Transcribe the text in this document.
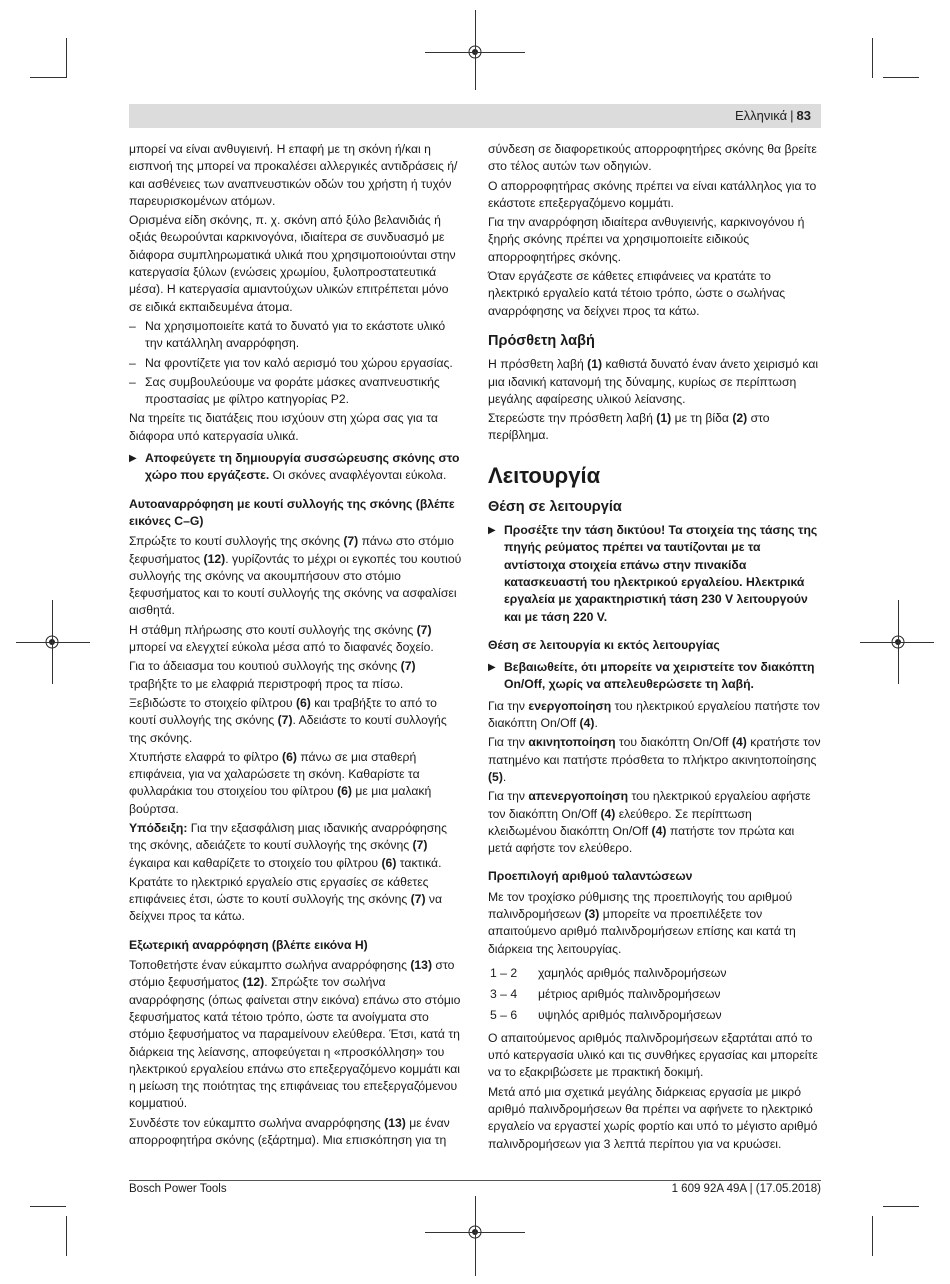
Ελληνικά | 83

μπορεί να είναι ανθυγιεινή. Η επαφή με τη σκόνη ή/και η εισπνοή της μπορεί να προκαλέσει αλλεργικές αντιδράσεις ή/ και ασθένειες των αναπνευστικών οδών του χρήστη ή τυχόν παρευρισκομένων ατόμων.

Ορισμένα είδη σκόνης, π. χ. σκόνη από ξύλο βελανιδιάς ή οξιάς θεωρούνται καρκινογόνα, ιδιαίτερα σε συνδυασμό με διάφορα συμπληρωματικά υλικά που χρησιμοποιούνται στην κατεργασία ξύλων (ενώσεις χρωμίου, ξυλοπροστατευτικά μέσα). Η κατεργασία αμιαντούχων υλικών επιτρέπεται μόνο σε ειδικά εκπαιδευμένα άτομα.

– Να χρησιμοποιείτε κατά το δυνατό για το εκάστοτε υλικό την κατάλληλη αναρρόφηση.
– Να φροντίζετε για τον καλό αερισμό του χώρου εργασίας.
– Σας συμβουλεύουμε να φοράτε μάσκες αναπνευστικής προστασίας με φίλτρο κατηγορίας P2.

Να τηρείτε τις διατάξεις που ισχύουν στη χώρα σας για τα διάφορα υπό κατεργασία υλικά.

▶ Αποφεύγετε τη δημιουργία συσσώρευσης σκόνης στο χώρο που εργάζεστε. Οι σκόνες αναφλέγονται εύκολα.
Αυτοαναρρόφηση με κουτί συλλογής της σκόνης (βλέπε εικόνες C–G)

Σπρώξτε το κουτί συλλογής της σκόνης (7) πάνω στο στόμιο ξεφυσήματος (12). γυρίζοντάς το μέχρι οι εγκοπές του κουτιού συλλογής της σκόνης να ακουμπήσουν στο στόμιο ξεφυσήματος και το κουτί συλλογής της σκόνης να ασφαλίσει αισθητά.

Η στάθμη πλήρωσης στο κουτί συλλογής της σκόνης (7) μπορεί να ελεγχτεί εύκολα μέσα από το διαφανές δοχείο.

Για το άδειασμα του κουτιού συλλογής της σκόνης (7) τραβήξτε το με ελαφριά περιστροφή προς τα πίσω.

Ξεβιδώστε το στοιχείο φίλτρου (6) και τραβήξτε το από το κουτί συλλογής της σκόνης (7). Αδειάστε το κουτί συλλογής της σκόνης.

Χτυπήστε ελαφρά το φίλτρο (6) πάνω σε μια σταθερή επιφάνεια, για να χαλαρώσετε τη σκόνη. Καθαρίστε τα φυλλαράκια του στοιχείου του φίλτρου (6) με μια μαλακή βούρτσα.

Υπόδειξη: Για την εξασφάλιση μιας ιδανικής αναρρόφησης της σκόνης, αδειάζετε το κουτί συλλογής της σκόνης (7) έγκαιρα και καθαρίζετε το στοιχείο του φίλτρου (6) τακτικά.

Κρατάτε το ηλεκτρικό εργαλείο στις εργασίες σε κάθετες επιφάνειες έτσι, ώστε το κουτί συλλογής της σκόνης (7) να δείχνει προς τα κάτω.

Εξωτερική αναρρόφηση (βλέπε εικόνα H)

Τοποθετήστε έναν εύκαμπτο σωλήνα αναρρόφησης (13) στο στόμιο ξεφυσήματος (12). Σπρώξτε τον σωλήνα αναρρόφησης (όπως φαίνεται στην εικόνα) επάνω στο στόμιο ξεφυσήματος κατά τέτοιο τρόπο, ώστε τα ανοίγματα στο στόμιο ξεφυσήματος να παραμείνουν ελεύθερα. Έτσι, κατά τη διάρκεια της λείανσης, αποφεύγεται η «προσκόλληση» του ηλεκτρικού εργαλείου επάνω στο επεξεργαζόμενο κομμάτι και η μείωση της ποιότητας της επιφάνειας του επεξεργαζόμενου κομματιού.

Συνδέστε τον εύκαμπτο σωλήνα αναρρόφησης (13) με έναν απορροφητήρα σκόνης (εξάρτημα). Μια επισκόπηση για τη

σύνδεση σε διαφορετικούς απορροφητήρες σκόνης θα βρείτε στο τέλος αυτών των οδηγιών.

Ο απορροφητήρας σκόνης πρέπει να είναι κατάλληλος για το εκάστοτε επεξεργαζόμενο κομμάτι.

Για την αναρρόφηση ιδιαίτερα ανθυγιεινής, καρκινογόνου ή ξηρής σκόνης πρέπει να χρησιμοποιείτε ειδικούς απορροφητήρες σκόνης.

Όταν εργάζεστε σε κάθετες επιφάνειες να κρατάτε το ηλεκτρικό εργαλείο κατά τέτοιο τρόπο, ώστε ο σωλήνας αναρρόφησης να δείχνει προς τα κάτω.

Πρόσθετη λαβή

Η πρόσθετη λαβή (1) καθιστά δυνατό έναν άνετο χειρισμό και μια ιδανική κατανομή της δύναμης, κυρίως σε περίπτωση μεγάλης αφαίρεσης υλικού λείανσης.

Στερεώστε την πρόσθετη λαβή (1) με τη βίδα (2) στο περίβλημα.

Λειτουργία
Θέση σε λειτουργία
▶ Προσέξτε την τάση δικτύου! Τα στοιχεία της τάσης της πηγής ρεύματος πρέπει να ταυτίζονται με τα αντίστοιχα στοιχεία επάνω στην πινακίδα κατασκευαστή του ηλεκτρικού εργαλείου. Ηλεκτρικά εργαλεία με χαρακτηριστική τάση 230 V λειτουργούν και με τάση 220 V.
Θέση σε λειτουργία κι εκτός λειτουργίας
▶ Βεβαιωθείτε, ότι μπορείτε να χειριστείτε τον διακόπτη On/Off, χωρίς να απελευθερώσετε τη λαβή.

Για την ενεργοποίηση του ηλεκτρικού εργαλείου πατήστε τον διακόπτη On/Off (4).

Για την ακινητοποίηση του διακόπτη On/Off (4) κρατήστε τον πατημένο και πατήστε πρόσθετα το πλήκτρο ακινητοποίησης (5).

Για την απενεργοποίηση του ηλεκτρικού εργαλείου αφήστε τον διακόπτη On/Off (4) ελεύθερο. Σε περίπτωση κλειδωμένου διακόπτη On/Off (4) πατήστε τον πρώτα και μετά αφήστε τον ελεύθερο.

Προεπιλογή αριθμού ταλαντώσεων

Με τον τροχίσκο ρύθμισης της προεπιλογής του αριθμού παλινδρομήσεων (3) μπορείτε να προεπιλέξετε τον απαιτούμενο αριθμό παλινδρομήσεων επίσης και κατά τη διάρκεια της λειτουργίας.

1 – 2	χαμηλός αριθμός παλινδρομήσεων
3 – 4	μέτριος αριθμός παλινδρομήσεων
5 – 6	υψηλός αριθμός παλινδρομήσεων

Ο απαιτούμενος αριθμός παλινδρομήσεων εξαρτάται από το υπό κατεργασία υλικό και τις συνθήκες εργασίας και μπορείτε να το εξακριβώσετε με πρακτική δοκιμή.

Μετά από μια σχετικά μεγάλης διάρκειας εργασία με μικρό αριθμό παλινδρομήσεων θα πρέπει να αφήνετε το ηλεκτρικό εργαλείο να εργαστεί χωρίς φορτίο και υπό το μέγιστο αριθμό παλινδρομήσεων για 3 λεπτά περίπου για να κρυώσει.

Bosch Power Tools	1 609 92A 49A | (17.05.2018)
